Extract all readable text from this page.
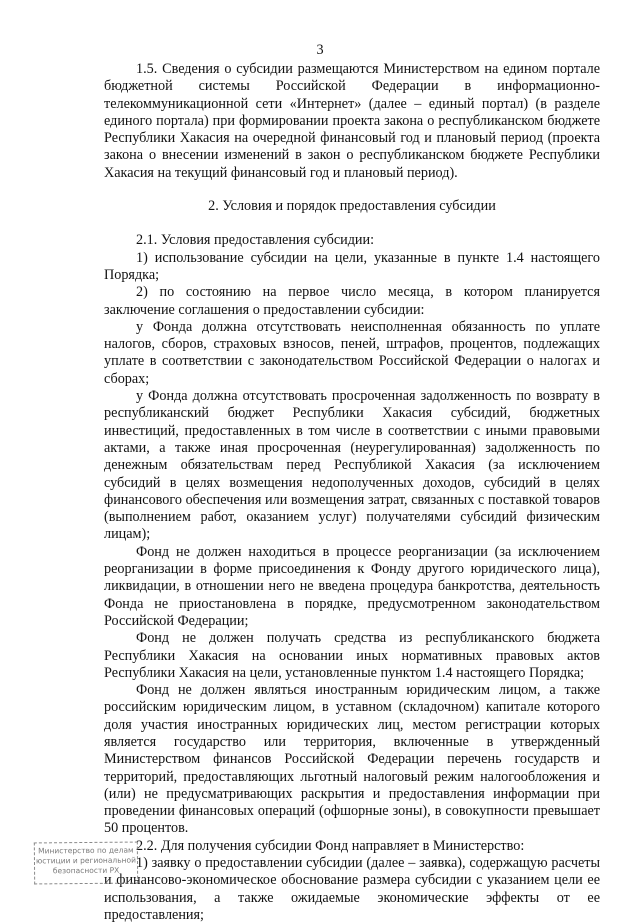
3

1.5. Сведения о субсидии размещаются Министерством на едином портале бюджетной системы Российской Федерации в информационно-телекоммуникационной сети «Интернет» (далее – единый портал) (в разделе единого портала) при формировании проекта закона о республиканском бюджете Республики Хакасия на очередной финансовый год и плановый период (проекта закона о внесении изменений в закон о республиканском бюджете Республики Хакасия на текущий финансовый год и плановый период).

2. Условия и порядок предоставления субсидии

2.1. Условия предоставления субсидии:

1) использование субсидии на цели, указанные в пункте 1.4 настоящего Порядка;

2) по состоянию на первое число месяца, в котором планируется заключение соглашения о предоставлении субсидии:

у Фонда должна отсутствовать неисполненная обязанность по уплате налогов, сборов, страховых взносов, пеней, штрафов, процентов, подлежащих уплате в соответствии с законодательством Российской Федерации о налогах и сборах;

у Фонда должна отсутствовать просроченная задолженность по возврату в республиканский бюджет Республики Хакасия субсидий, бюджетных инвестиций, предоставленных в том числе в соответствии с иными правовыми актами, а также иная просроченная (неурегулированная) задолженность по денежным обязательствам перед Республикой Хакасия (за исключением субсидий в целях возмещения недополученных доходов, субсидий в целях финансового обеспечения или возмещения затрат, связанных с поставкой товаров (выполнением работ, оказанием услуг) получателями субсидий физическим лицам);

Фонд не должен находиться в процессе реорганизации (за исключением реорганизации в форме присоединения к Фонду другого юридического лица), ликвидации, в отношении него не введена процедура банкротства, деятельность Фонда не приостановлена в порядке, предусмотренном законодательством Российской Федерации;

Фонд не должен получать средства из республиканского бюджета Республики Хакасия на основании иных нормативных правовых актов Республики Хакасия на цели, установленные пунктом 1.4 настоящего Порядка;

Фонд не должен являться иностранным юридическим лицом, а также российским юридическим лицом, в уставном (складочном) капитале которого доля участия иностранных юридических лиц, местом регистрации которых является государство или территория, включенные в утвержденный Министерством финансов Российской Федерации перечень государств и территорий, предоставляющих льготный налоговый режим налогообложения и (или) не предусматривающих раскрытия и предоставления информации при проведении финансовых операций (офшорные зоны), в совокупности превышает 50 процентов.

2.2. Для получения субсидии Фонд направляет в Министерство:

1) заявку о предоставлении субсидии (далее – заявка), содержащую расчеты и финансово-экономическое обоснование размера субсидии с указанием цели ее использования, а также ожидаемые экономические эффекты от ее предоставления;

Министерство по делам
юстиции и региональной
безопасности РХ
